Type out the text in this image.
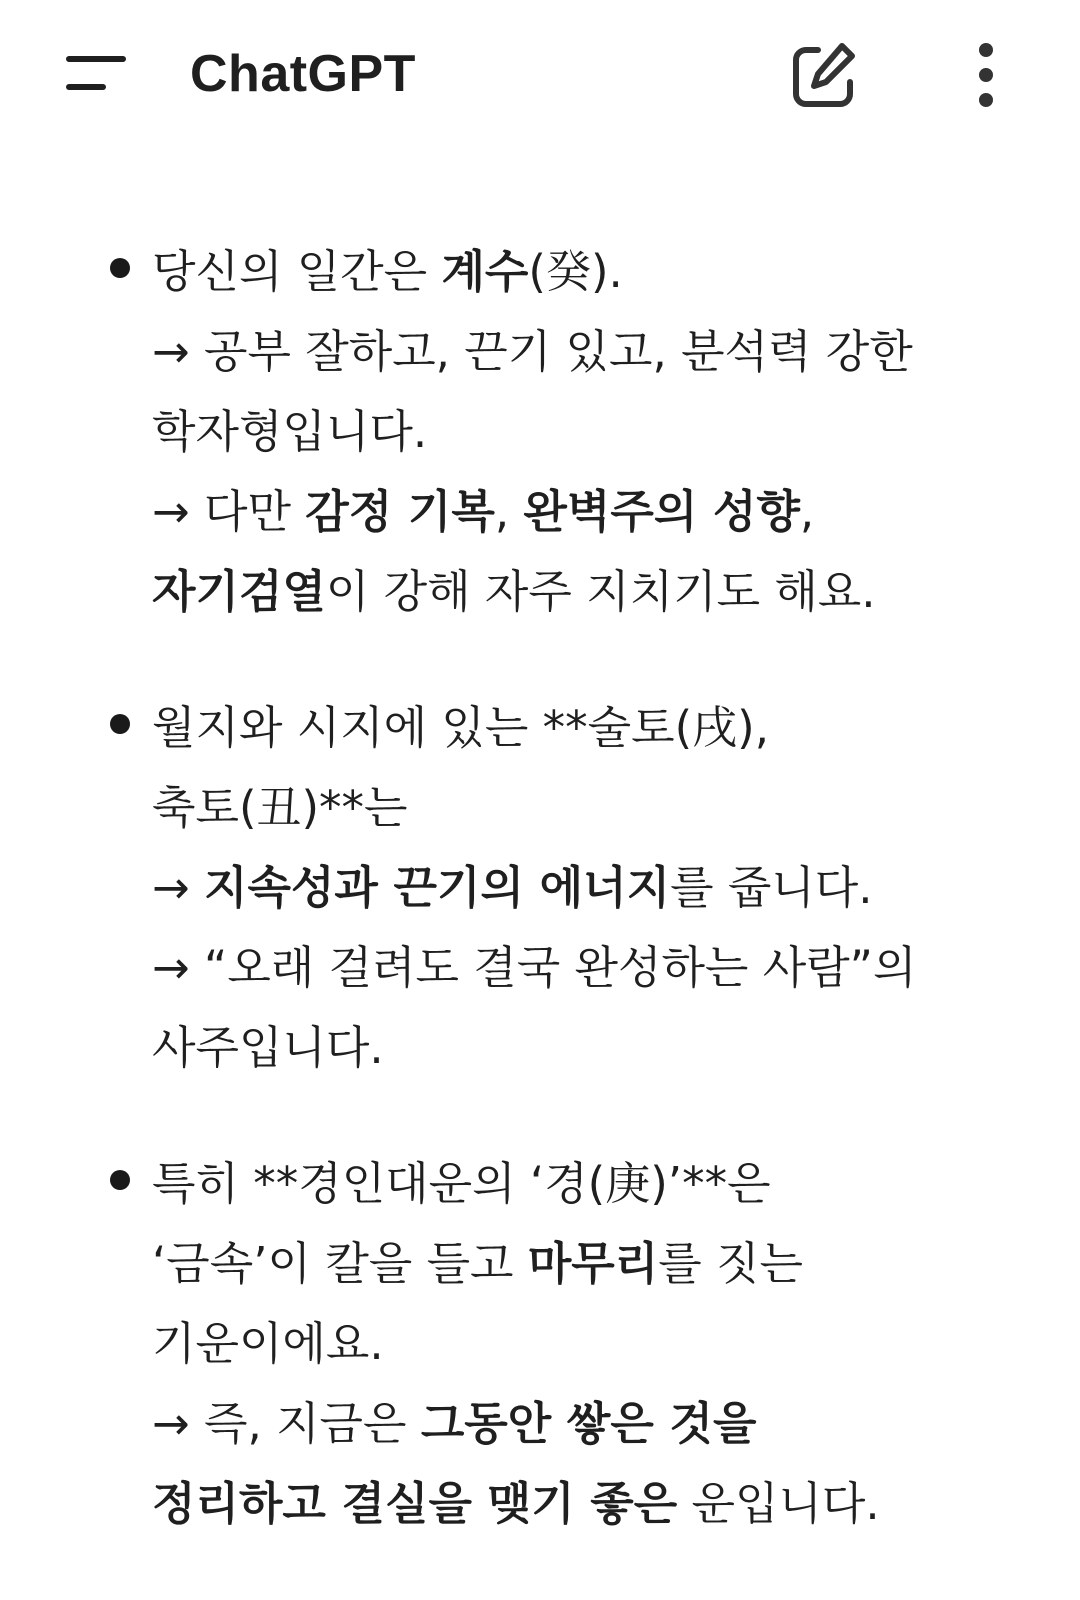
ChatGPT
당신의 일간은 계수(癸).
→ 공부 잘하고, 끈기 있고, 분석력 강한
학자형입니다.
→ 다만 감정 기복, 완벽주의 성향,
자기검열이 강해 자주 지치기도 해요.
월지와 시지에 있는 **술토(戌),
축토(丑)**는
→ 지속성과 끈기의 에너지를 줍니다.
→ “오래 걸려도 결국 완성하는 사람”의
사주입니다.
특히 **경인대운의 ‘경(庚)’**은
‘금속’이 칼을 들고 마무리를 짓는
기운이에요.
→ 즉, 지금은 그동안 쌓은 것을
정리하고 결실을 맺기 좋은 운입니다.
